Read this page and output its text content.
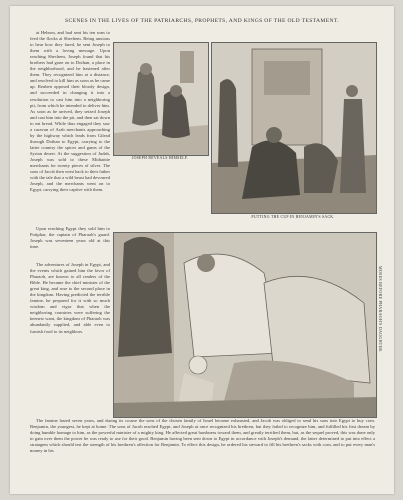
SCENES IN THE LIVES OF THE PATRIARCHS, PROPHETS, AND KINGS OF THE OLD TESTAMENT.

at Hebron, and had sent his ten sons to feed the flocks at Shechem. Being anxious to hear how they fared, he sent Joseph to them with a loving message. Upon reaching Shechem, Joseph found that his brothers had gone on to Dothan, a place in the neighborhood, and he hastened after them. They recognized him at a distance, and resolved to kill him as soon as he came up. Reuben opposed their bloody design, and succeeded in changing it into a resolution to cast him into a neighboring pit, from which he intended to deliver him. As soon as he arrived, they seized Joseph and cast him into the pit, and then sat down to eat bread. While thus engaged they saw a caravan of Arab merchants approaching by the highway which leads from Gilead through Dothan to Egypt, carrying to the latter country the spices and gums of the Syrian desert. At the suggestion of Judah, Joseph was sold to these Midianite merchants for twenty pieces of silver. The sons of Jacob then went back to their father with the tale that a wild beast had devoured Joseph, and the merchants went on to Egypt, carrying their captive with them.

JOSEPH REVEALS HIMSELF.
PUTTING THE CUP IN BENJAMIN'S SACK.

Upon reaching Egypt they sold him to Potiphar, the captain of Pharaoh's guard. Joseph was seventeen years old at this time.

The adventures of Joseph in Egypt, and the events which gained him the favor of Pharaoh, are known to all readers of the Bible. He became the chief minister of the great king, and rose to the second place in the kingdom. Having predicted the terrible famine, he prepared for it with so much wisdom and vigor that when the neighboring countries were suffering the keenest want, the kingdom of Pharaoh was abundantly supplied, and able even to furnish food to its neighbors.	MOSES BEFORE PHARAOH'S DAUGHTER.

The famine lasted seven years, and during its course the sons of the chosen family of Israel became exhausted, and Jacob was obliged to send his sons into Egypt to buy corn. Benjamin, the youngest, he kept at home. The sons of Jacob reached Egypt, and Joseph at once recognized his brethren, but they failed to recognize him, and fulfilled his first dream by doing humble homage to him, as the powerful minister of a mighty king. He affected great harshness toward them, and greatly terrified them, but, as the sequel proved, this was done only to gain over them the power he was ready to use for their good. Benjamin having been sent down to Egypt in accordance with Joseph's demand, the latter determined to put into effect a stratagem which should test the strength of his brethren's affection for Benjamin. To effect this design, he ordered his steward to fill his brethren's sacks with corn, and to put every man's money in his
